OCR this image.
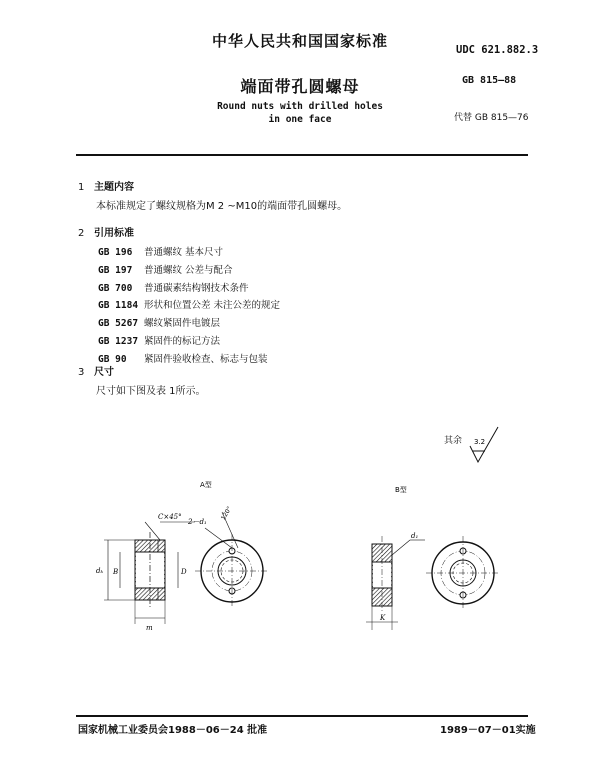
中华人民共和国国家标准	UDC 621.882.3
端面带孔圆螺母	GB 815—88
Round nuts with drilled holes
in one face	代替 GB 815—76
1 主题内容
本标准规定了螺纹规格为M 2 ~M10的端面带孔圆螺母。
2 引用标准
GB 196 普通螺纹 基本尺寸
GB 197 普通螺纹 公差与配合
GB 700 普通碳素结构钢技术条件
GB 1184 形状和位置公差 未注公差的规定
GB 5267 螺纹紧固件电镀层
GB 1237 紧固件的标记方法
GB 90 紧固件验收检查、标志与包装
3 尺寸
尺寸如下图及表 1所示。
其余 3.2
A型
B型
C×45°
dₖ B	D
m
2－d₁
120°
d₁
K
国家机械工业委员会1988－06－24 批准	1989－07－01实施
